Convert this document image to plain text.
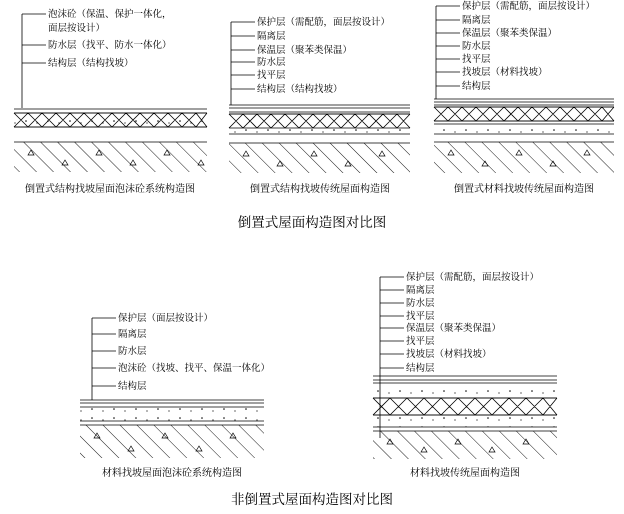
泡沫砼（保温、保护一体化，
面层按设计）
防水层（找平、防水一体化）
结构层（结构找坡）
倒置式结构找坡屋面泡沫砼系统构造图
保护层（需配筋，面层按设计）
隔离层
保温层（聚苯类保温）
防水层
找平层
结构层（结构找坡）
倒置式结构找坡传统屋面构造图
保护层（需配筋，面层按设计）
隔离层
保温层（聚苯类保温）
防水层
找平层
找坡层（材料找坡）
结构层
倒置式材料找坡传统屋面构造图
倒置式屋面构造图对比图
保护层（面层按设计）
隔离层
防水层
泡沫砼（找坡、找平、保温一体化）
结构层
材料找坡屋面泡沫砼系统构造图
保护层（需配筋，面层按设计）
隔离层
防水层
找平层
保温层（聚苯类保温）
找平层
找坡层（材料找坡）
结构层
材料找坡传统屋面构造图
非倒置式屋面构造图对比图
